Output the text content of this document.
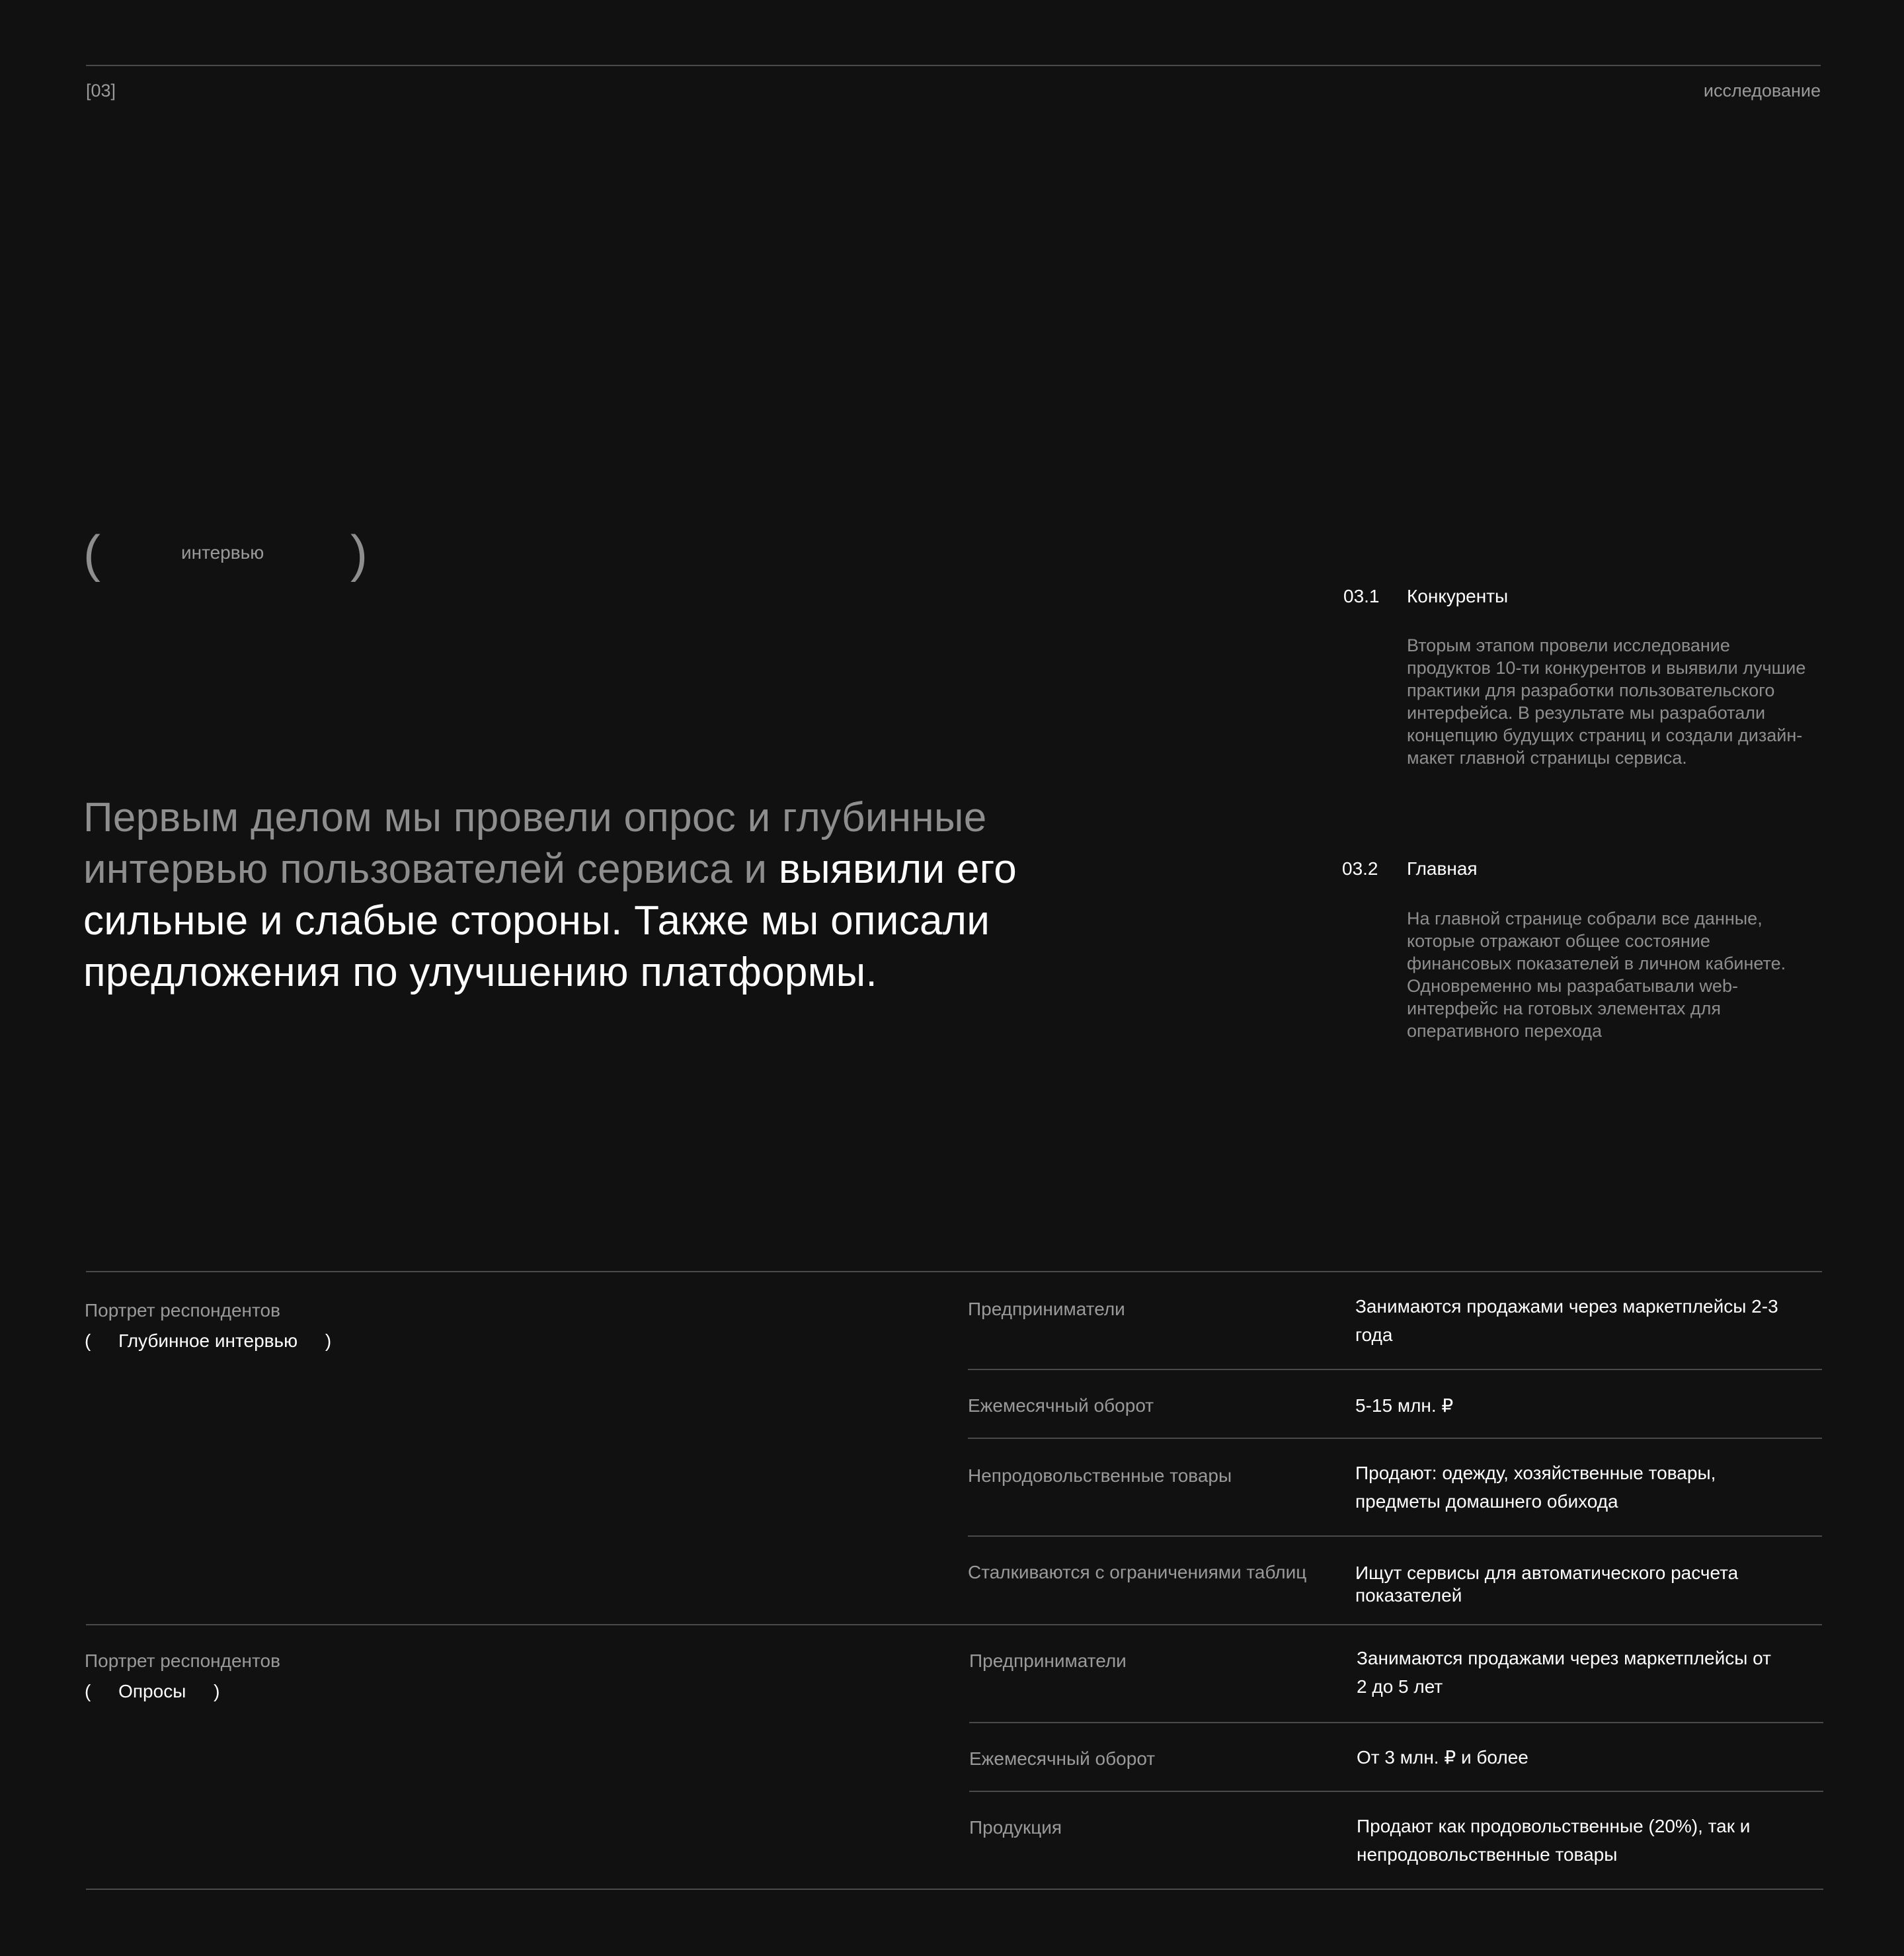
[03]	исследование
(	интервью )
Первым делом мы провели опрос и глубинные интервью пользователей сервиса и выявили его сильные и слабые стороны. Также мы описали предложения по улучшению платформы.
03.1 Конкуренты
Вторым этапом провели исследование продуктов 10-ти конкурентов и выявили лучшие практики для разработки пользовательского интерфейса. В результате мы разработали концепцию будущих страниц и создали дизайн-макет главной страницы сервиса.
03.2 Главная
На главной странице собрали все данные, которые отражают общее состояние финансовых показателей в личном кабинете. Одновременно мы разрабатывали web-интерфейс на готовых элементах для оперативного перехода
Портрет респондентов
( Глубинное интервью )
Предприниматели	Занимаются продажами через маркетплейсы 2-3 года
Ежемесячный оборот	5-15 млн. ₽
Непродовольственные товары	Продают: одежду, хозяйственные товары, предметы домашнего обихода
Сталкиваются с ограничениями таблиц	Ищут сервисы для автоматического расчета показателей
Портрет респондентов
( Опросы )
Предприниматели	Занимаются продажами через маркетплейсы от 2 до 5 лет
Ежемесячный оборот	От 3 млн. ₽ и более
Продукция	Продают как продовольственные (20%), так и непродовольственные товары
